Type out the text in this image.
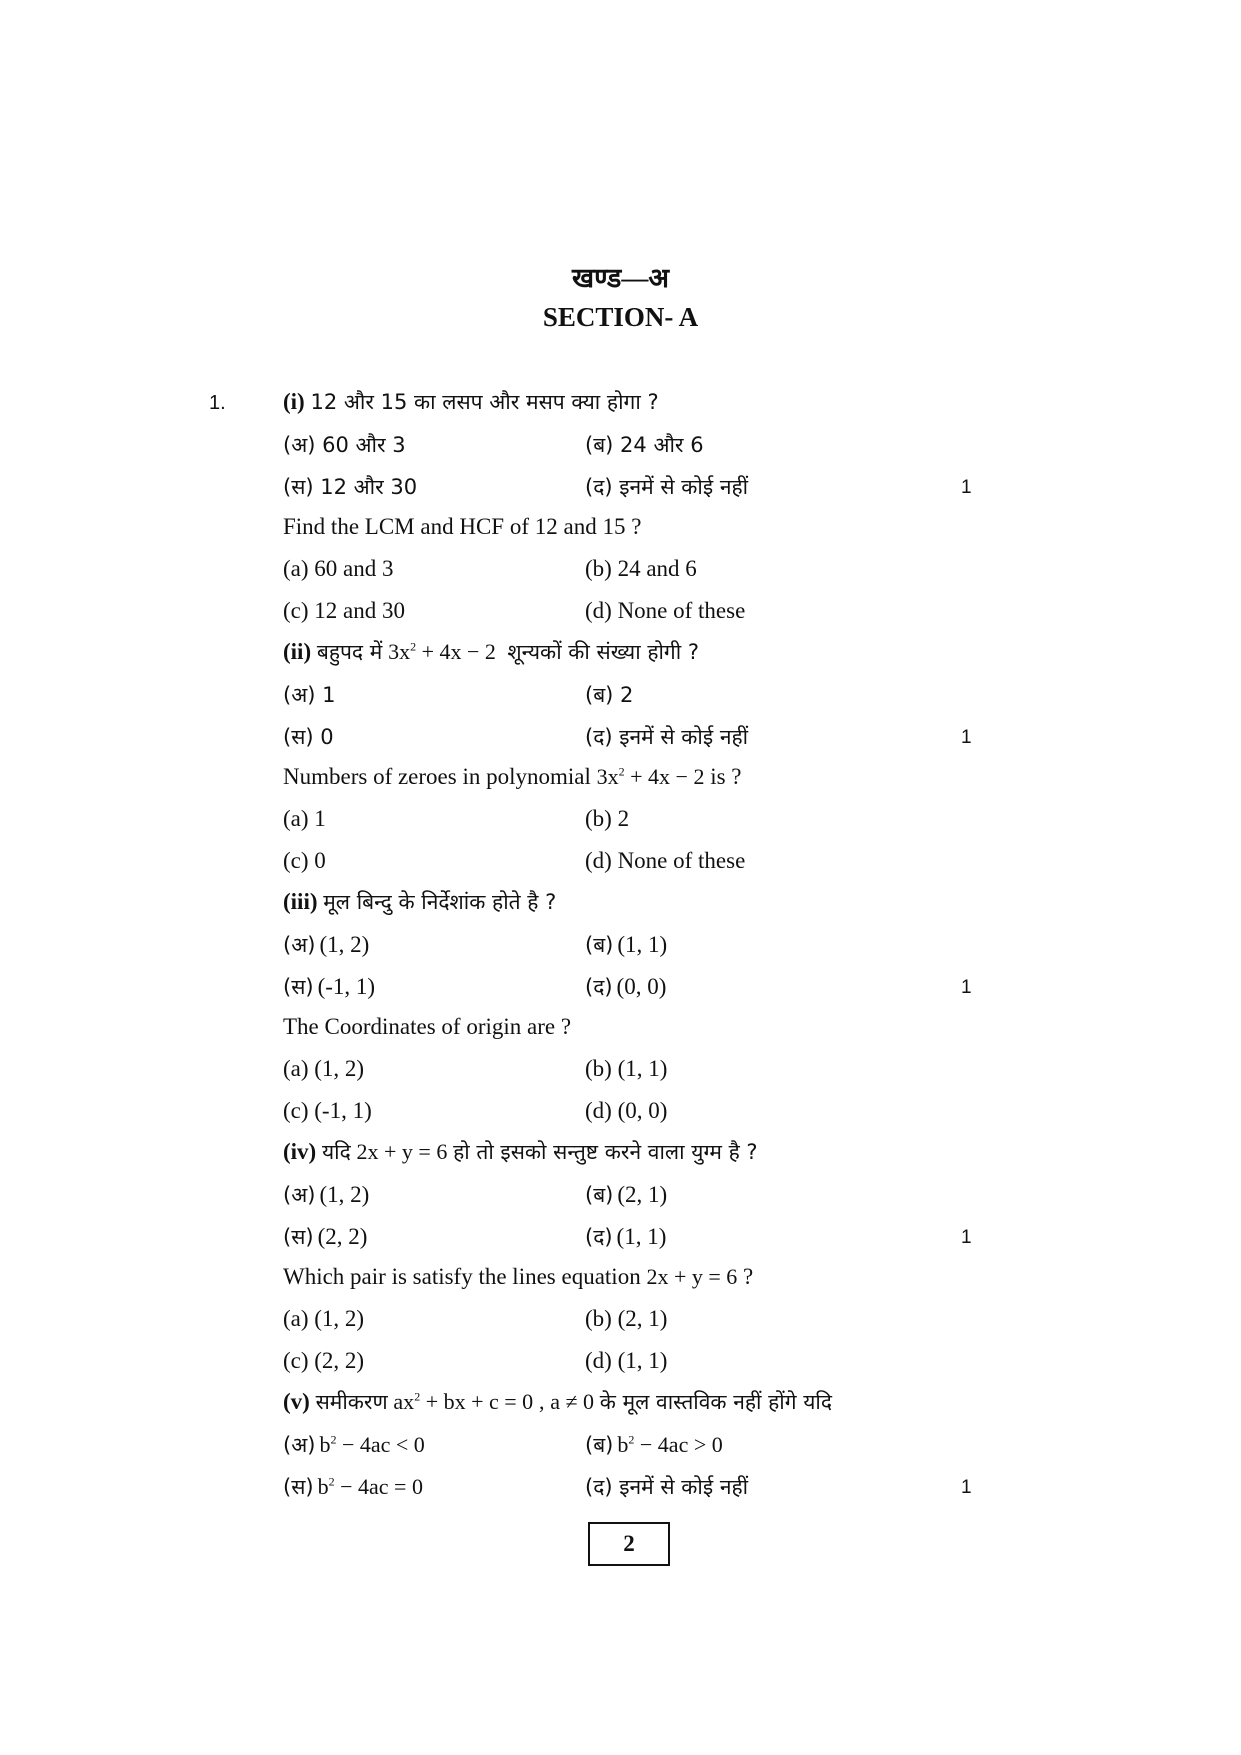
खण्ड—अ
SECTION- A
1. (i) 12 और 15 का लसप और मसप क्या होगा ?
(अ) 60 और 3	(ब) 24 और 6
(स) 12 और 30	(द) इनमें से कोई नहीं	1
Find the LCM and HCF of 12 and 15 ?
(a) 60 and 3	(b) 24 and 6
(c) 12 and 30	(d) None of these
(ii) बहुपद में $3x^2 + 4x - 2$ शून्यकों की संख्या होगी ?
(अ) 1	(ब) 2
(स) 0	(द) इनमें से कोई नहीं	1
Numbers of zeroes in polynomial $3x^2 + 4x - 2$ is ?
(a) 1	(b) 2
(c) 0	(d) None of these
(iii) मूल बिन्दु के निर्देशांक होते है ?
(अ) (1, 2)	(ब) (1, 1)
(स) (-1, 1)	(द) (0, 0)	1
The Coordinates of origin are ?
(a) (1, 2)	(b) (1, 1)
(c) (-1, 1)	(d) (0, 0)
(iv) यदि 2x + y = 6 हो तो इसको सन्तुष्ट करने वाला युग्म है ?
(अ) (1, 2)	(ब) (2, 1)
(स) (2, 2)	(द) (1, 1)	1
Which pair is satisfy the lines equation 2x + y = 6 ?
(a) (1, 2)	(b) (2, 1)
(c) (2, 2)	(d) (1, 1)
(v) समीकरण $ax^2$ + bx + c = 0 , a ≠ 0 के मूल वास्तविक नहीं होंगे यदि
(अ) $b^2 - 4ac < 0$	(ब) $b^2 - 4ac > 0$
(स) $b^2 - 4ac = 0$	(द) इनमें से कोई नहीं	1
2
